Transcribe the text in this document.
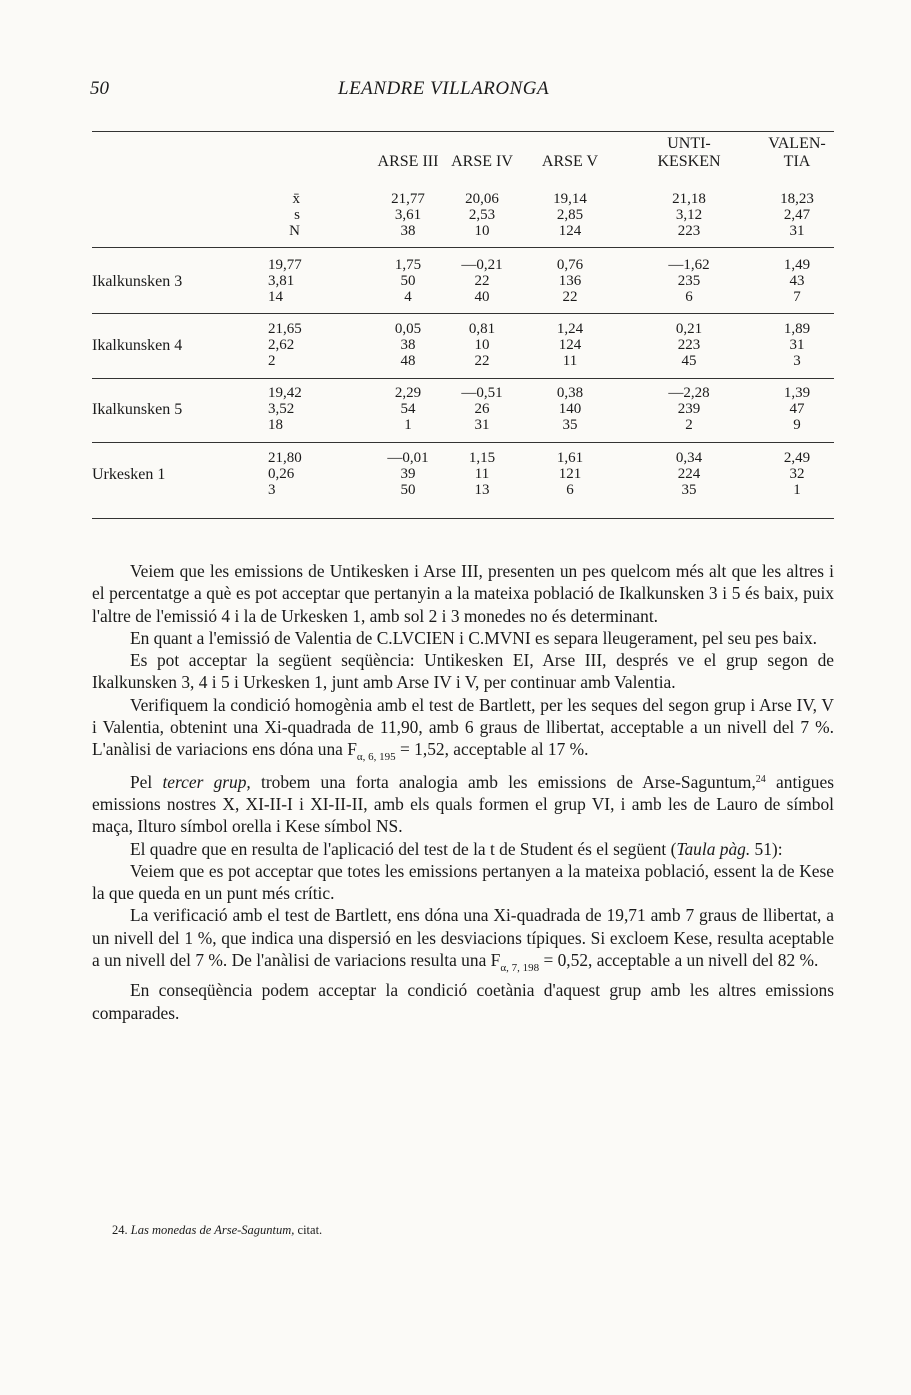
50	LEANDRE VILLARONGA
ARSE III ARSE IV	ARSE V
UNTI-
KESKEN
VALEN-
TIA
x̄
s
N
21,77
3,61
38
20,06
2,53
10
19,14
2,85
124
21,18
3,12
223
18,23
2,47
31
Ikalkunsken 3
19,77
3,81
14
1,75
50
4
—0,21
22
40
0,76
136
22
—1,62
235
6
1,49
43
7
Ikalkunsken 4
21,65
2,62
2
0,05
38
48
0,81
10
22
1,24
124
11
0,21
223
45
1,89
31
3
Ikalkunsken 5
19,42
3,52
18
2,29
54
1
—0,51
26
31
0,38
140
35
—2,28
239
2
1,39
47
9
Urkesken 1
21,80
0,26
3
—0,01
39
50
1,15
11
13
1,61
121
6
0,34
224
35
2,49
32
1

Veiem que les emissions de Untikesken i Arse III, presenten un pes quelcom més alt que les altres i el percentatge a què es pot acceptar que pertanyin a la mateixa població de Ikalkunsken 3 i 5 és baix, puix l'altre de l'emissió 4 i la de Urkesken 1, amb sol 2 i 3 monedes no és determinant.

En quant a l'emissió de Valentia de C.LVCIEN i C.MVNI es separa lleugerament, pel seu pes baix.

Es pot acceptar la següent seqüència: Untikesken EI, Arse III, després ve el grup segon de Ikalkunsken 3, 4 i 5 i Urkesken 1, junt amb Arse IV i V, per continuar amb Valentia.

Verifiquem la condició homogènia amb el test de Bartlett, per les seques del segon grup i Arse IV, V i Valentia, obtenint una Xi-quadrada de 11,90, amb 6 graus de llibertat, acceptable a un nivell del 7 %. L'anàlisi de variacions ens dóna una $F_{\alpha, 6, 195} = 1,52$, acceptable al 17 %.

Pel tercer grup, trobem una forta analogia amb les emissions de Arse-Saguntum,$^{24}$ antigues emissions nostres X, XI-II-I i XI-II-II, amb els quals formen el grup VI, i amb les de Lauro de símbol maça, Ilturo símbol orella i Kese símbol NS.

El quadre que en resulta de l'aplicació del test de la t de Student és el següent (Taula pàg. 51):

Veiem que es pot acceptar que totes les emissions pertanyen a la mateixa població, essent la de Kese la que queda en un punt més crític.

La verificació amb el test de Bartlett, ens dóna una Xi-quadrada de 19,71 amb 7 graus de llibertat, a un nivell del 1 %, que indica una dispersió en les desviacions típiques. Si excloem Kese, resulta aceptable a un nivell del 7 %. De l'anàlisi de variacions resulta una $F_{\alpha, 7, 198} = 0,52$, acceptable a un nivell del 82 %.

En conseqüència podem acceptar la condició coetània d'aquest grup amb les altres emissions comparades.

24. Las monedas de Arse-Saguntum, citat.
